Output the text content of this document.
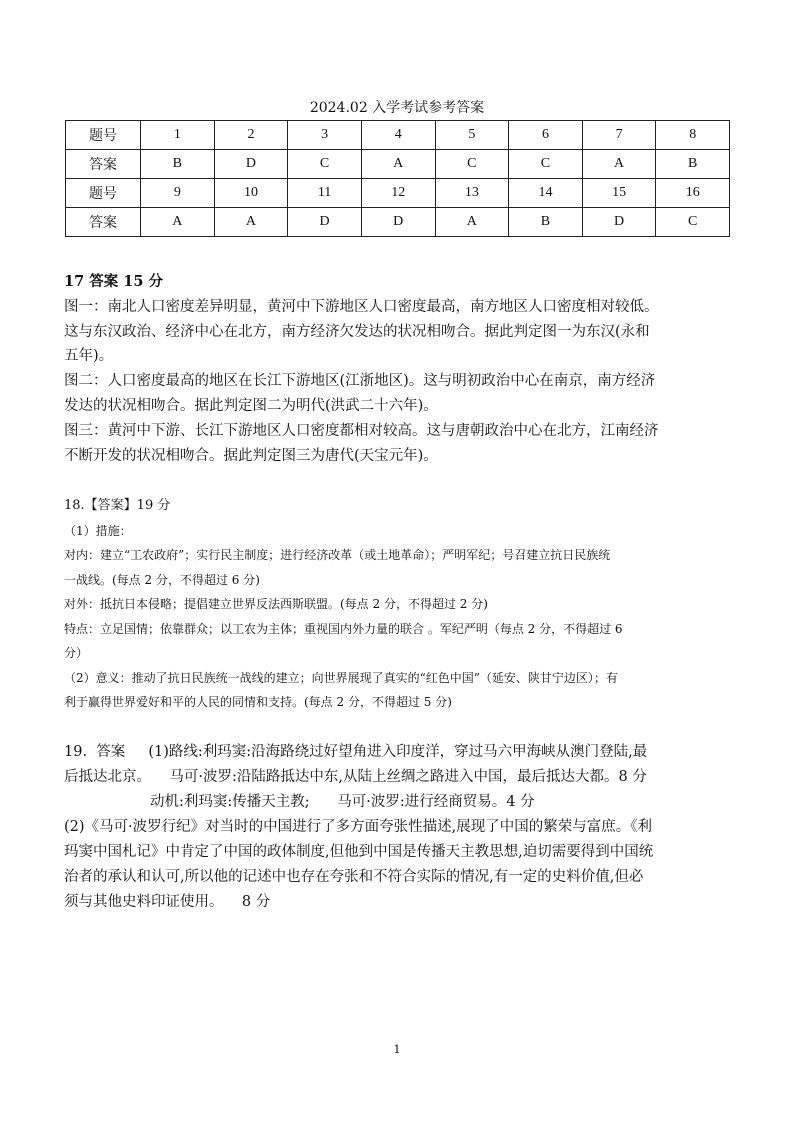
2024.02 入学考试参考答案
题号	1	2	3	4	5	6	7	8
答案	B	D	C	A	C	C	A	B
题号	9	10	11	12	13	14	15	16
答案	A	A	D	D	A	B	D	C

17 答案 15 分

图一：南北人口密度差异明显，黄河中下游地区人口密度最高，南方地区人口密度相对较低。

这与东汉政治、经济中心在北方，南方经济欠发达的状况相吻合。据此判定图一为东汉(永和

五年)。

图二：人口密度最高的地区在长江下游地区(江浙地区)。这与明初政治中心在南京，南方经济

发达的状况相吻合。据此判定图二为明代(洪武二十六年)。

图三：黄河中下游、长江下游地区人口密度都相对较高。这与唐朝政治中心在北方，江南经济

不断开发的状况相吻合。据此判定图三为唐代(天宝元年)。

18.【答案】19 分

（1）措施：

对内：建立“工农政府”；实行民主制度；进行经济改革（或土地革命）；严明军纪；号召建立抗日民族统

一战线。(每点 2 分，不得超过 6 分)

对外：抵抗日本侵略；提倡建立世界反法西斯联盟。(每点 2 分，不得超过 2 分)

特点：立足国情；依靠群众；以工农为主体；重视国内外力量的联合 。军纪严明（每点 2 分，不得超过 6

分）

（2）意义：推动了抗日民族统一战线的建立；向世界展现了真实的“红色中国”（延安、陕甘宁边区）；有

利于赢得世界爱好和平的人民的同情和支持。(每点 2 分，不得超过 5 分)

19.  答案     (1)路线:利玛窦:沿海路绕过好望角进入印度洋，穿过马六甲海峡从澳门登陆,最

后抵达北京。    马可·波罗:沿陆路抵达中东,从陆上丝绸之路进入中国，最后抵达大都。8 分

动机:利玛窦:传播天主教;      马可·波罗:进行经商贸易。4 分

(2)《马可·波罗行纪》对当时的中国进行了多方面夸张性描述,展现了中国的繁荣与富庶。《利

玛窦中国札记》中肯定了中国的政体制度,但他到中国是传播天主教思想,迫切需要得到中国统

治者的承认和认可,所以他的记述中也存在夸张和不符合实际的情况,有一定的史料价值,但必

须与其他史料印证使用。    8 分

1
